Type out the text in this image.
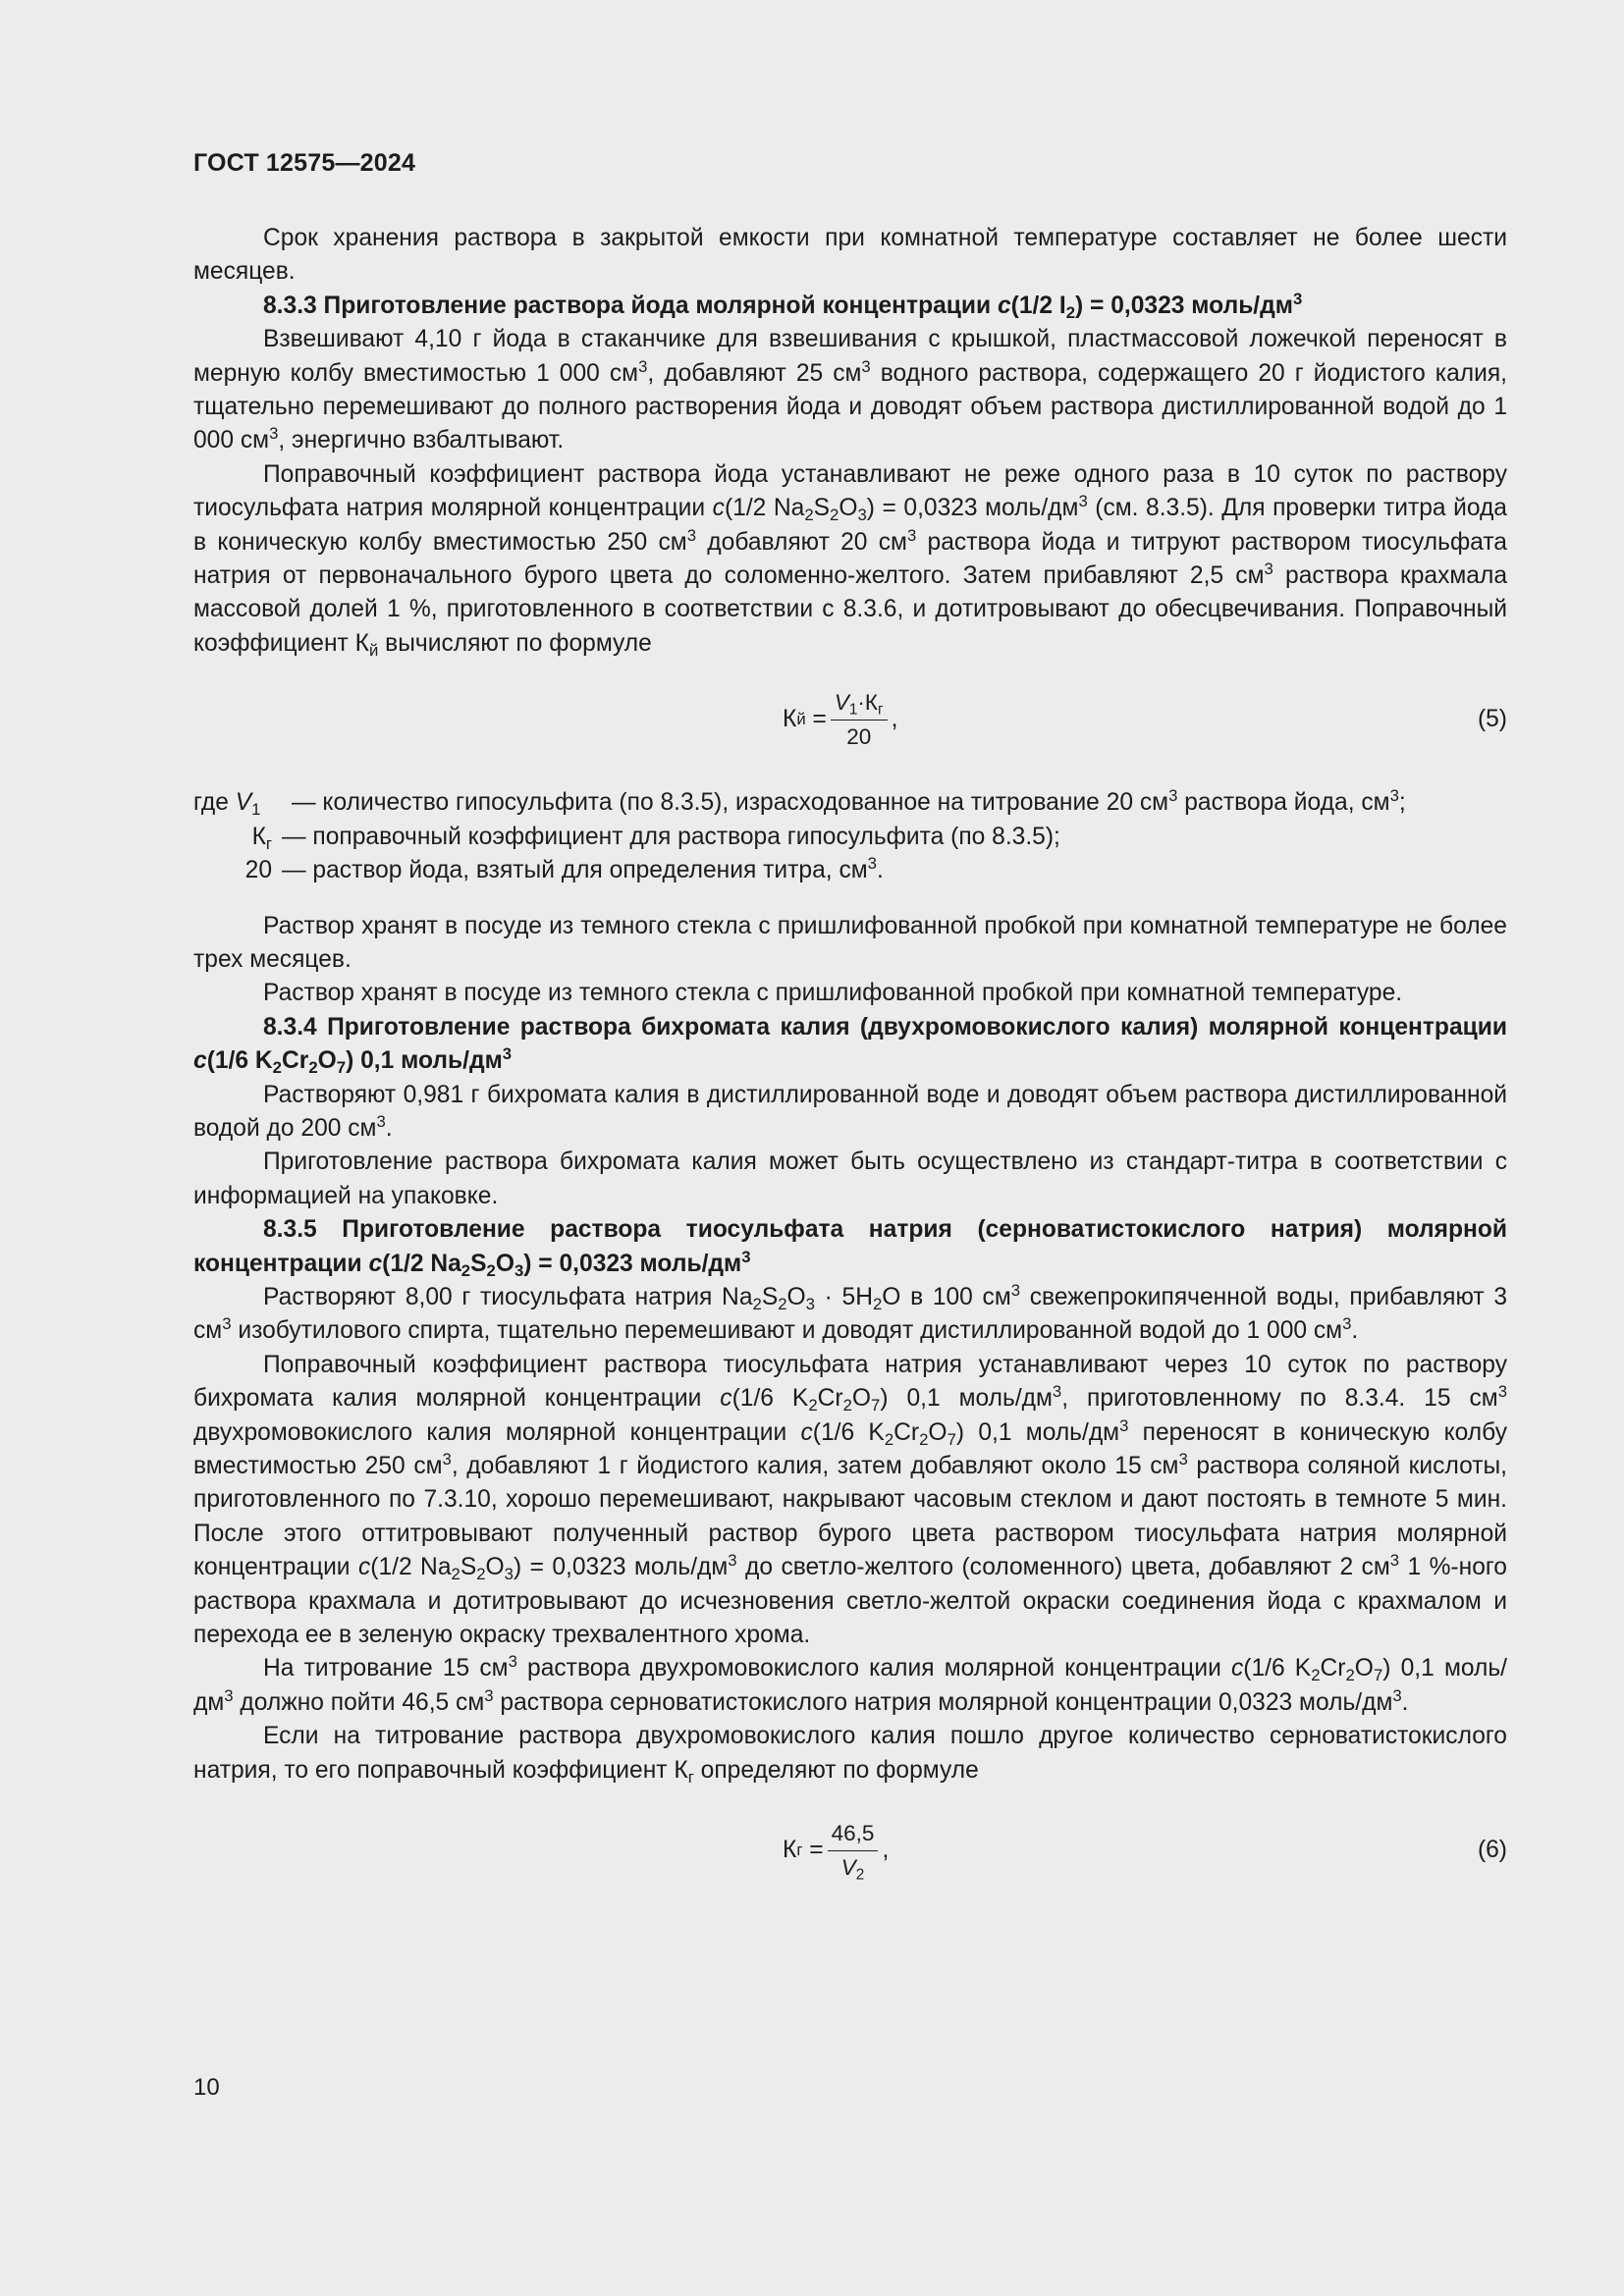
ГОСТ 12575—2024

Срок хранения раствора в закрытой емкости при комнатной температуре составляет не более шести месяцев.

8.3.3 Приготовление раствора йода молярной концентрации c(1/2 $I_2) = 0,0323$ моль/$дм^3$

Взвешивают 4,10 г йода в стаканчике для взвешивания с крышкой, пластмассовой ложечкой переносят в мерную колбу вместимостью 1 000 $см^3$, добавляют 25 $см^3$ водного раствора, содержащего 20 г йодистого калия, тщательно перемешивают до полного растворения йода и доводят объем раствора дистиллированной водой до 1 000 $см^3$, энергично взбалтывают.

Поправочный коэффициент раствора йода устанавливают не реже одного раза в 10 суток по раствору тиосульфата натрия молярной концентрации c(1/2 $Na_2S_2O_3) = 0,0323$ моль/$дм^3$ (см. 8.3.5). Для проверки титра йода в коническую колбу вместимостью 250 $см^3$ добавляют 20 $см^3$ раствора йода и титруют раствором тиосульфата натрия от первоначального бурого цвета до соломенно-желтого. Затем прибавляют 2,5 $см^3$ раствора крахмала массовой долей 1 %, приготовленного в соответствии с 8.3.6, и дотитровывают до обесцвечивания. Поправочный коэффициент $К_й$ вычисляют по формуле

К $й = \frac{V_1\cdot К_г}{20}$ ,	(5)
где $V_1$	— количество гипосульфита (по 8.3.5), израсходованное на титрование 20 $см^3$ раствора йода, $см^3$;
$К_г$ — поправочный коэффициент для раствора гипосульфита (по 8.3.5);
20 — раствор йода, взятый для определения титра, $см^3$.

Раствор хранят в посуде из темного стекла с пришлифованной пробкой при комнатной температуре не более трех месяцев.

Раствор хранят в посуде из темного стекла с пришлифованной пробкой при комнатной температуре.

8.3.4 Приготовление раствора бихромата калия (двухромовокислого калия) молярной концентрации c(1/6 $K_2Cr_2O_7$) 0,1 моль/$дм^3$

Растворяют 0,981 г бихромата калия в дистиллированной воде и доводят объем раствора дистиллированной водой до 200 $см^3$.

Приготовление раствора бихромата калия может быть осуществлено из стандарт-титра в соответствии с информацией на упаковке.

8.3.5 Приготовление раствора тиосульфата натрия (серноватистокислого натрия) молярной концентрации c(1/2 $Na_2S_2O_3) = 0,0323$ моль/$дм^3$

Растворяют 8,00 г тиосульфата натрия $Na_2S_2O_3 \cdot 5H_2O$ в 100 $см^3$ свежепрокипяченной воды, прибавляют 3 $см^3$ изобутилового спирта, тщательно перемешивают и доводят дистиллированной водой до 1 000 $см^3$.

Поправочный коэффициент раствора тиосульфата натрия устанавливают через 10 суток по раствору бихромата калия молярной концентрации c(1/6 $K_2Cr_2O_7$) 0,1 моль/$дм^3$, приготовленному по 8.3.4. 15 $см^3$ двухромовокислого калия молярной концентрации c(1/6 $K_2Cr_2O_7$) 0,1 моль/$дм^3$ переносят в коническую колбу вместимостью 250 $см^3$, добавляют 1 г йодистого калия, затем добавляют около 15 $см^3$ раствора соляной кислоты, приготовленного по 7.3.10, хорошо перемешивают, накрывают часовым стеклом и дают постоять в темноте 5 мин. После этого оттитровывают полученный раствор бурого цвета раствором тиосульфата натрия молярной концентрации c(1/2 $Na_2S_2O_3) = 0,0323$ моль/$дм^3$ до светло-желтого (соломенного) цвета, добавляют 2 $см^3$ 1 %-ного раствора крахмала и дотитровывают до исчезновения светло-желтой окраски соединения йода с крахмалом и перехода ее в зеленую окраску трехвалентного хрома.

На титрование 15 $см^3$ раствора двухромовокислого калия молярной концентрации c(1/6 $K_2Cr_2O_7$) 0,1 моль/$дм^3$ должно пойти 46,5 $см^3$ раствора серноватистокислого натрия молярной концентрации 0,0323 моль/$дм^3$.

Если на титрование раствора двухромовокислого калия пошло другое количество серноватистокислого натрия, то его поправочный коэффициент $К_г$ определяют по формуле

К $г = \frac{46,5}{V_2}$ ,	(6)
10
